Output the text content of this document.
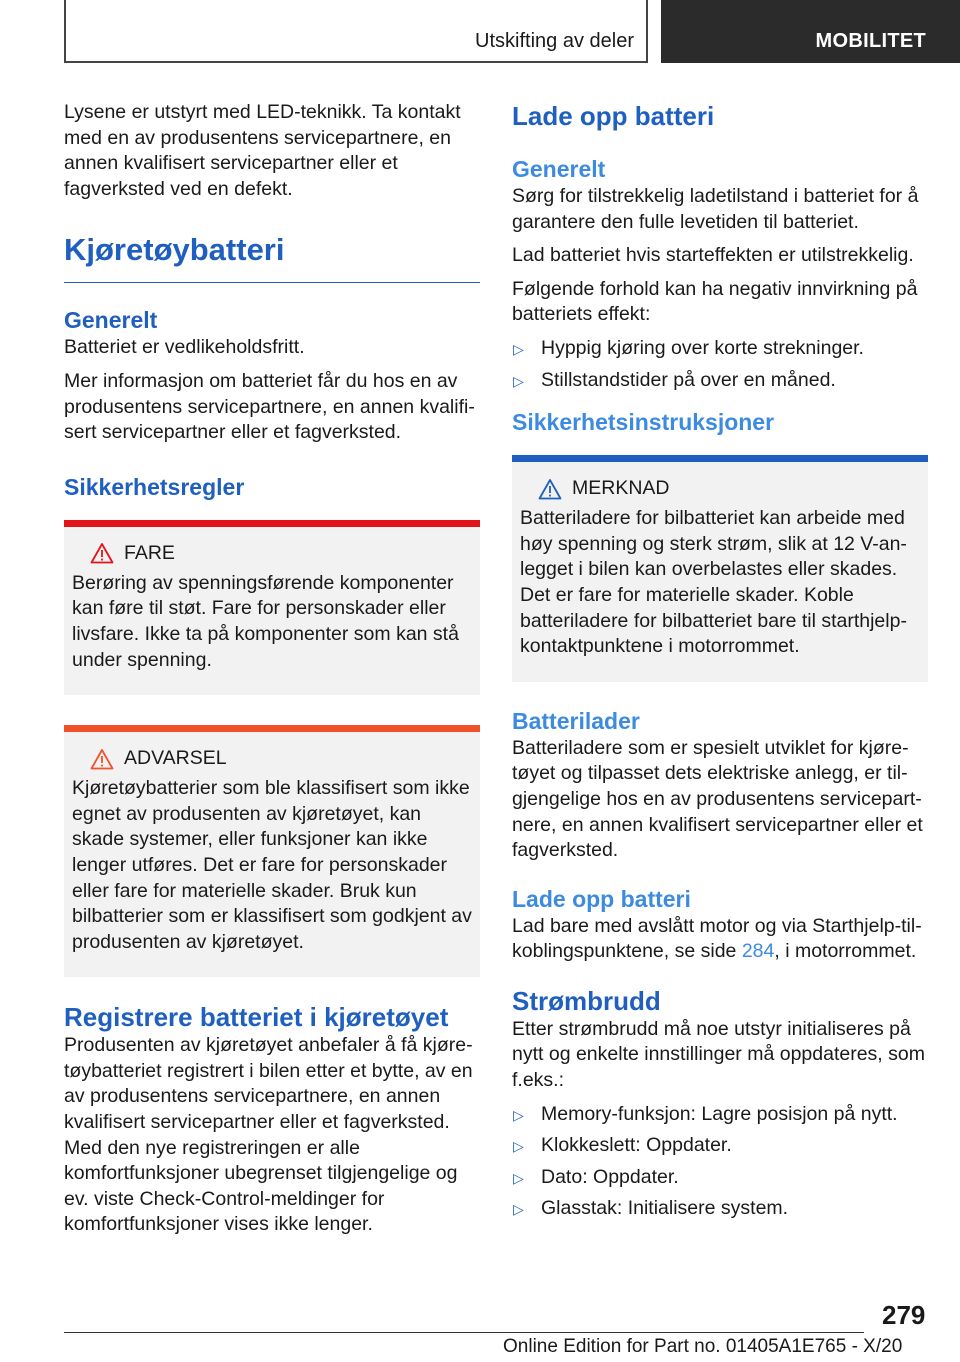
Utskifting av deler	MOBILITET

Lysene er utstyrt med LED-teknikk. Ta kontakt med en av produsentens servicepartnere, en annen kvalifisert servicepartner eller et fagverksted ved en defekt.

Kjøretøybatteri
Generelt

Batteriet er vedlikeholdsfritt.

Mer informasjon om batteriet får du hos en av produsentens servicepartnere, en annen kvalifisert servicepartner eller et fagverksted.

Sikkerhetsregler
FARE

Berøring av spenningsførende komponenter kan føre til støt. Fare for personskader eller livsfare. Ikke ta på komponenter som kan stå under spenning.

ADVARSEL

Kjøretøybatterier som ble klassifisert som ikke egnet av produsenten av kjøretøyet, kan skade systemer, eller funksjoner kan ikke lenger utføres. Det er fare for personskader eller fare for materielle skader. Bruk kun bilbatterier som er klassifisert som godkjent av produsenten av kjøretøyet.

Registrere batteriet i kjøretøyet

Produsenten av kjøretøyet anbefaler å få kjøretøybatteriet registrert i bilen etter et bytte, av en av produsentens servicepartnere, en annen kvalifisert servicepartner eller et fagverksted. Med den nye registreringen er alle komfortfunksjoner ubegrenset tilgjengelige og ev. viste Check-Control-meldinger for komfortfunksjoner vises ikke lenger.

Lade opp batteri
Generelt

Sørg for tilstrekkelig ladetilstand i batteriet for å garantere den fulle levetiden til batteriet.

Lad batteriet hvis starteffekten er utilstrekkelig.

Følgende forhold kan ha negativ innvirkning på batteriets effekt:

▷ Hyppig kjøring over korte strekninger.
▷ Stillstandstider på over en måned.
Sikkerhetsinstruksjoner
MERKNAD

Batteriladere for bilbatteriet kan arbeide med høy spenning og sterk strøm, slik at 12 V-anlegget i bilen kan overbelastes eller skades. Det er fare for materielle skader. Koble batteriladere for bilbatteriet bare til starthjelp-kontaktpunktene i motorrommet.

Batterilader

Batteriladere som er spesielt utviklet for kjøretøyet og tilpasset dets elektriske anlegg, er tilgjengelige hos en av produsentens servicepartnere, en annen kvalifisert servicepartner eller et fagverksted.

Lade opp batteri

Lad bare med avslått motor og via Starthjelp-tilkoblingspunktene, se side 284, i motorrommet.

Strømbrudd

Etter strømbrudd må noe utstyr initialiseres på nytt og enkelte innstillinger må oppdateres, som f.eks.:

▷ Memory-funksjon: Lagre posisjon på nytt.
▷ Klokkeslett: Oppdater.
▷ Dato: Oppdater.
▷ Glasstak: Initialisere system.
279
Online Edition for Part no. 01405A1E765 - X/20
